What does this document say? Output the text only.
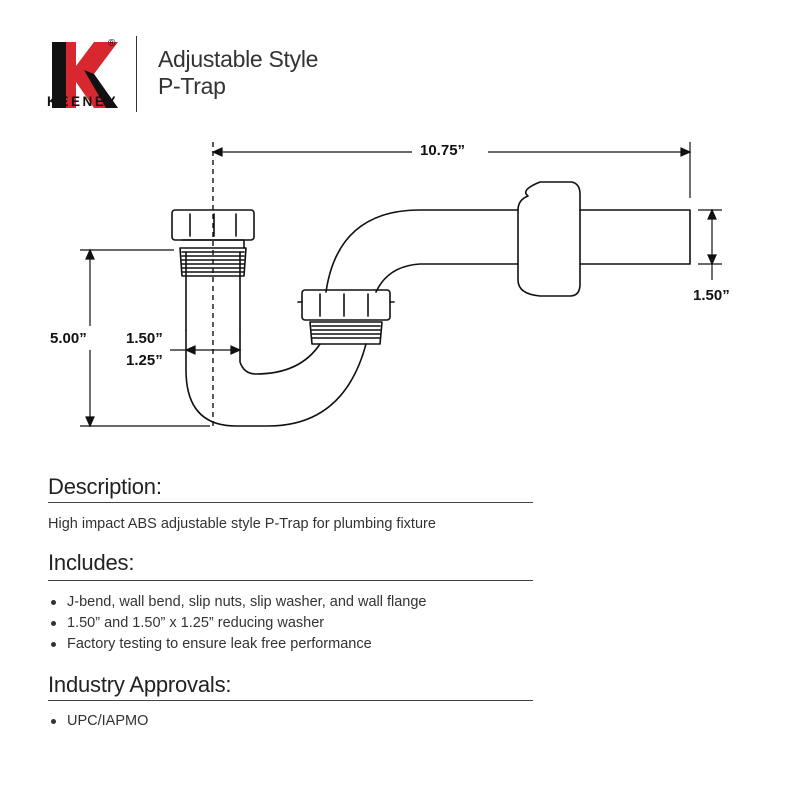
®
KEENEY
Adjustable Style
P-Trap
10.75”
1.50”
5.00”	1.50”
1.25”
Description:
High impact ABS adjustable style P-Trap for plumbing fixture
Includes:
J-bend, wall bend, slip nuts, slip washer, and wall flange
1.50” and 1.50” x 1.25” reducing washer
Factory testing to ensure leak free performance
Industry Approvals:
UPC/IAPMO
